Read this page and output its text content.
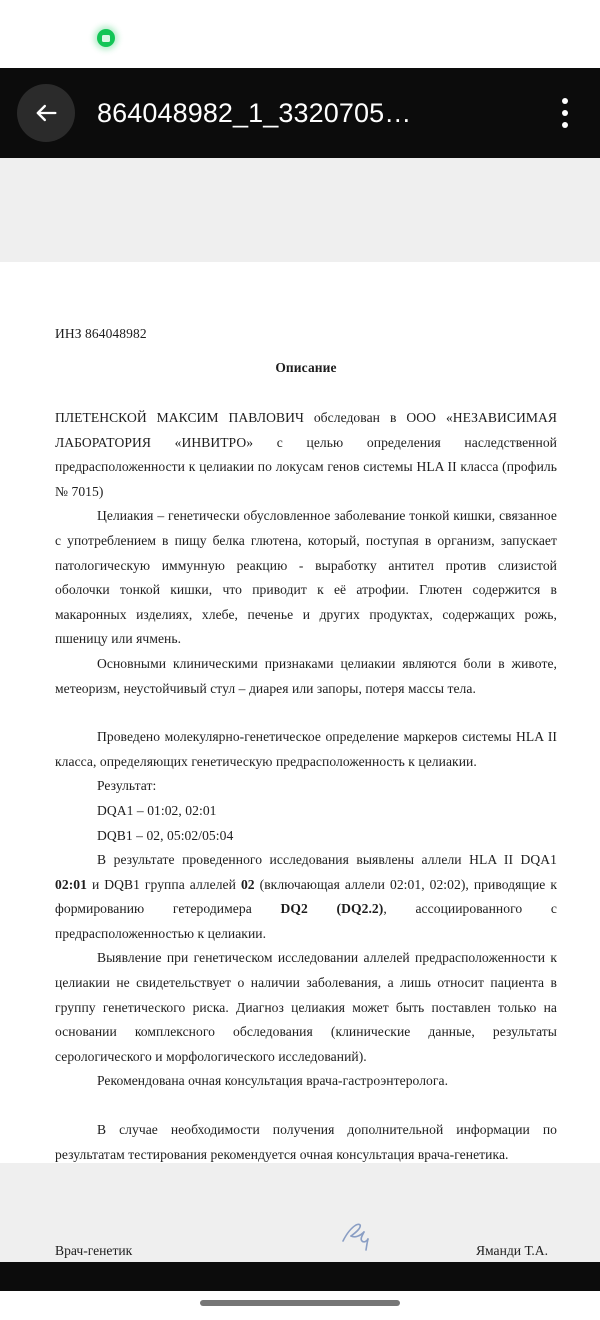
864048982_1_3320705…
ИНЗ 864048982
Описание

ПЛЕТЕНСКОЙ МАКСИМ ПАВЛОВИЧ обследован в ООО «НЕЗАВИСИМАЯ ЛАБОРАТОРИЯ «ИНВИТРО» с целью определения наследственной предрасположенности к целиакии по локусам генов системы HLA II класса (профиль № 7015)

Целиакия – генетически обусловленное заболевание тонкой кишки, связанное с употреблением в пищу белка глютена, который, поступая в организм, запускает патологическую иммунную реакцию - выработку антител против слизистой оболочки тонкой кишки, что приводит к её атрофии. Глютен содержится в макаронных изделиях, хлебе, печенье и других продуктах, содержащих рожь, пшеницу или ячмень.

Основными клиническими признаками целиакии являются боли в животе, метеоризм, неустойчивый стул – диарея или запоры, потеря массы тела.

Проведено молекулярно-генетическое определение маркеров системы HLA II класса, определяющих генетическую предрасположенность к целиакии.

Результат:
DQA1 – 01:02, 02:01
DQB1 – 02, 05:02/05:04

В результате проведенного исследования выявлены аллели HLA II DQA1 02:01 и DQB1 группа аллелей 02 (включающая аллели 02:01, 02:02), приводящие к формированию гетеродимера DQ2 (DQ2.2), ассоциированного с предрасположенностью к целиакии.

Выявление при генетическом исследовании аллелей предрасположенности к целиакии не свидетельствует о наличии заболевания, а лишь относит пациента в группу генетического риска. Диагноз целиакия может быть поставлен только на основании комплексного обследования (клинические данные, результаты серологического и морфологического исследований).

Рекомендована очная консультация врача-гастроэнтеролога.

В случае необходимости получения дополнительной информации по результатам тестирования рекомендуется очная консультация врача-генетика.

Врач-генетик	Яманди Т.А.
